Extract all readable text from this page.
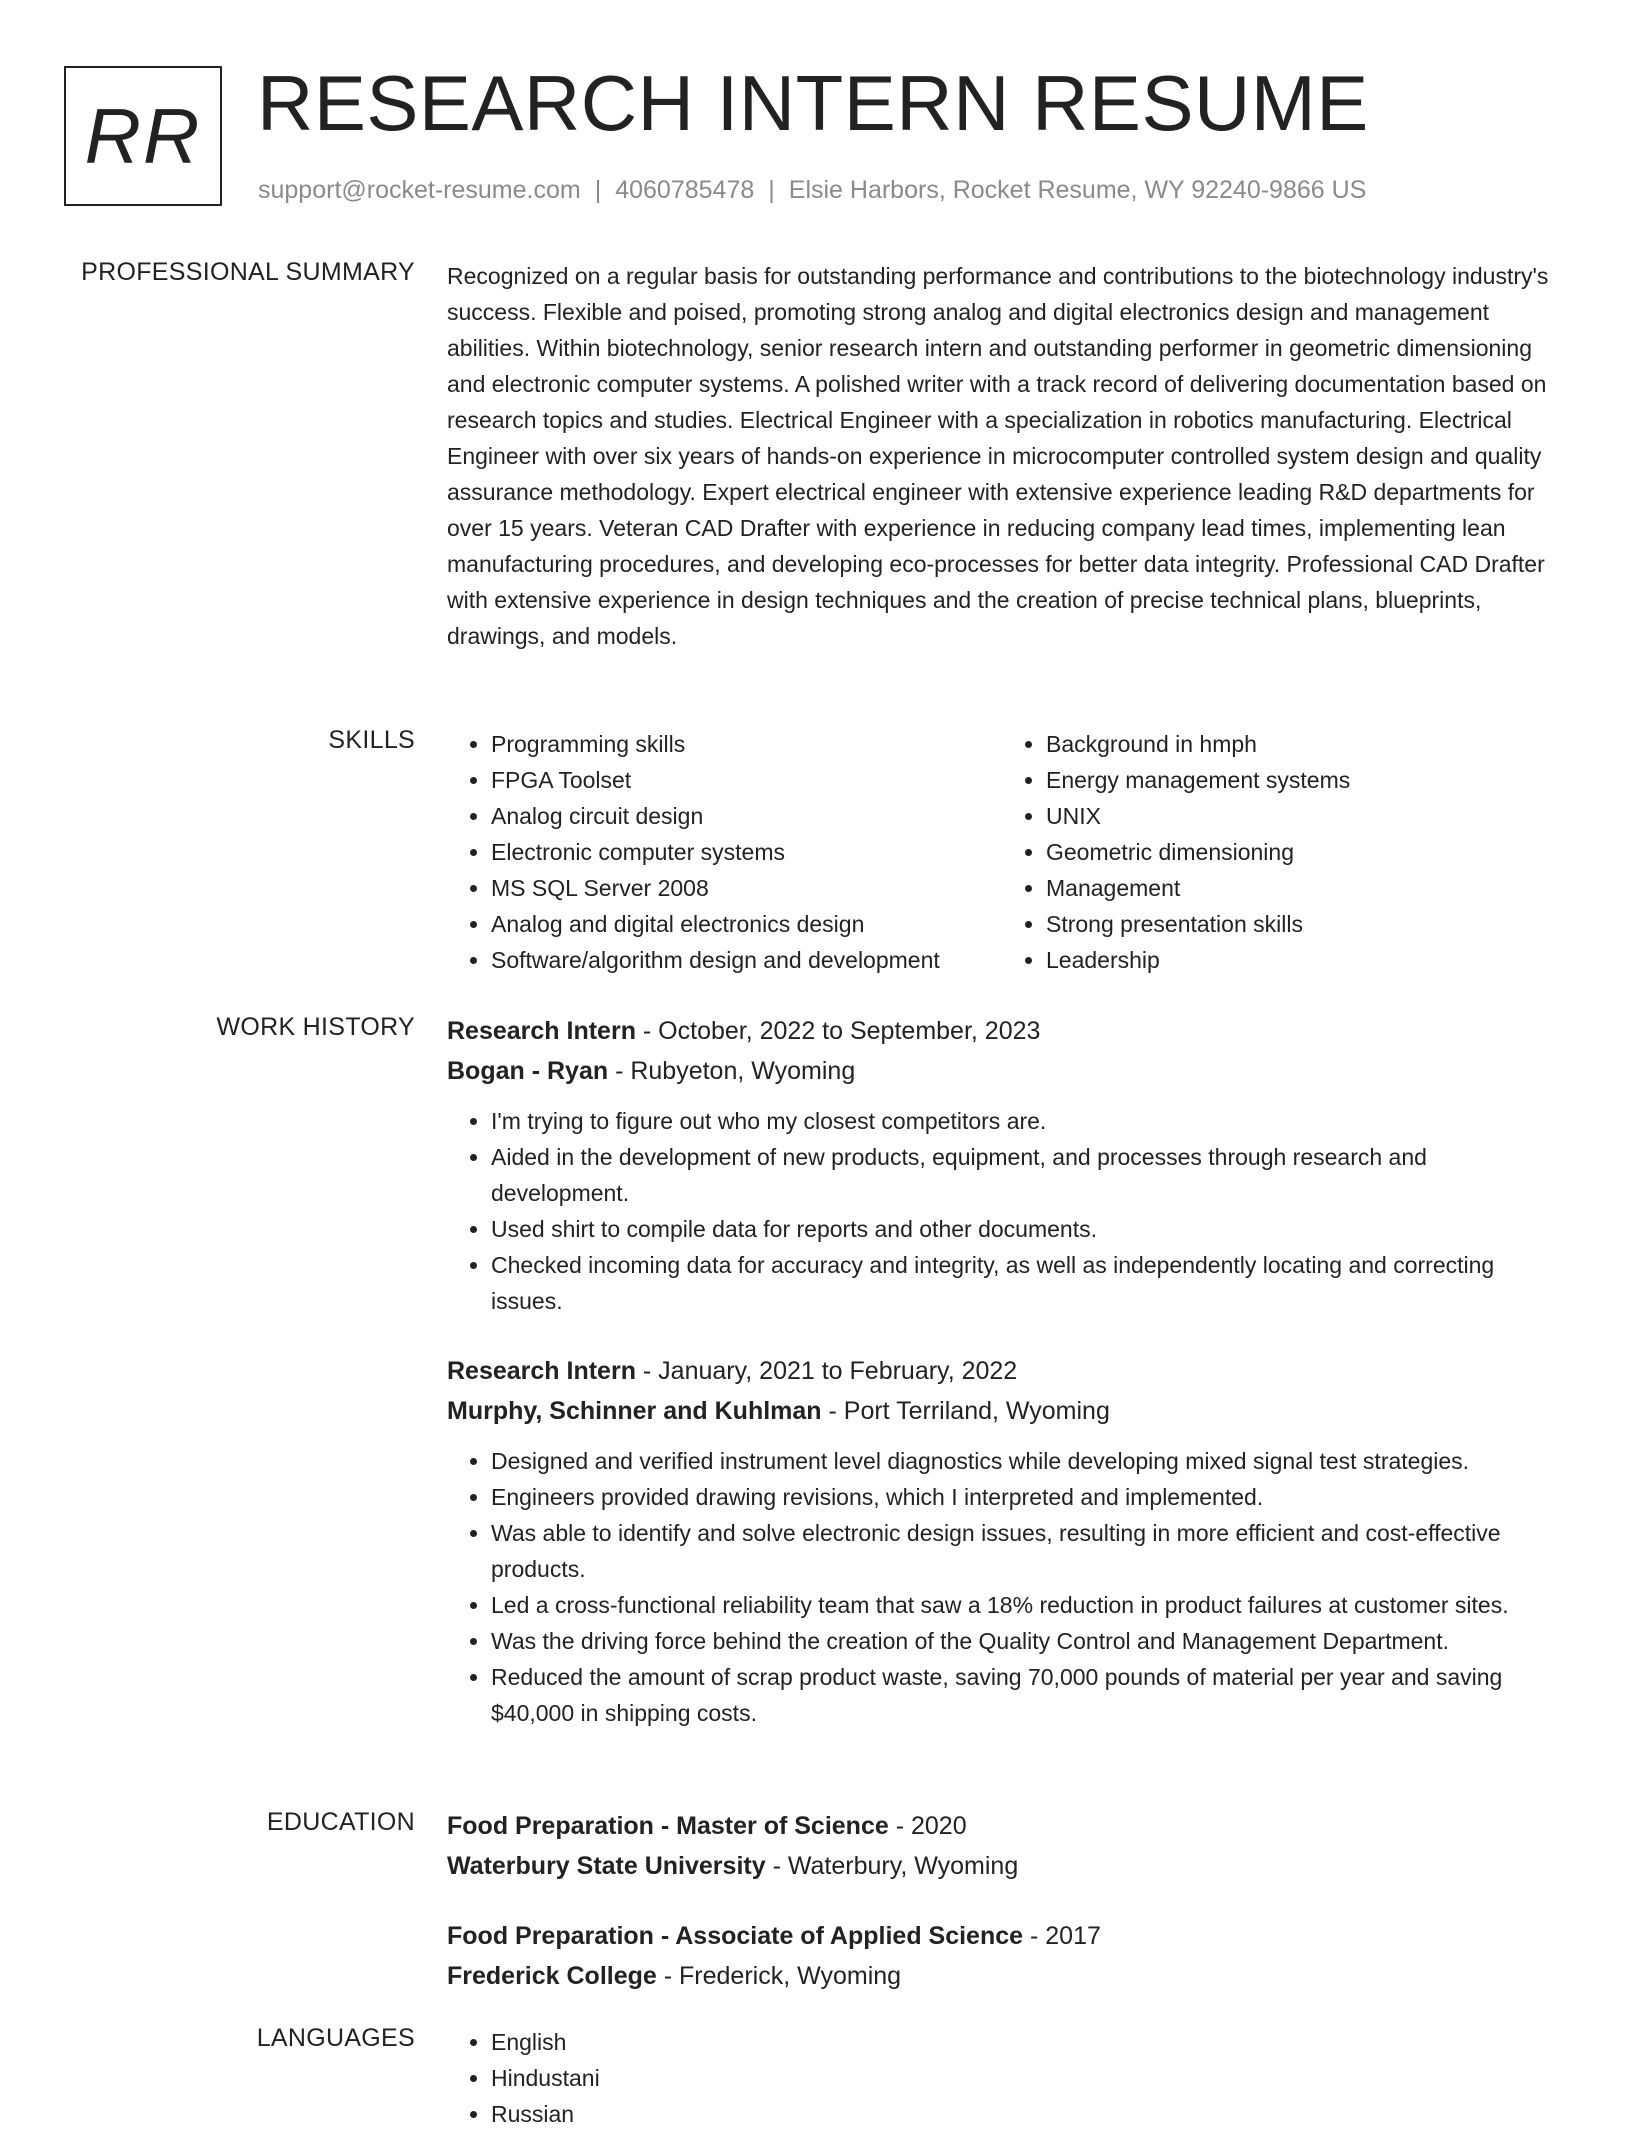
RR RESEARCH INTERN RESUME
support@rocket-resume.com | 4060785478 | Elsie Harbors, Rocket Resume, WY 92240-9866 US
PROFESSIONAL SUMMARY Recognized on a regular basis for outstanding performance and contributions to the biotechnology industry's success. Flexible and poised, promoting strong analog and digital electronics design and management abilities. Within biotechnology, senior research intern and outstanding performer in geometric dimensioning and electronic computer systems. A polished writer with a track record of delivering documentation based on research topics and studies. Electrical Engineer with a specialization in robotics manufacturing. Electrical Engineer with over six years of hands-on experience in microcomputer controlled system design and quality assurance methodology. Expert electrical engineer with extensive experience leading R&D departments for over 15 years. Veteran CAD Drafter with experience in reducing company lead times, implementing lean manufacturing procedures, and developing eco-processes for better data integrity. Professional CAD Drafter with extensive experience in design techniques and the creation of precise technical plans, blueprints, drawings, and models.

SKILLS	• Programming skills
• FPGA Toolset
• Analog circuit design
• Electronic computer systems
• MS SQL Server 2008
• Analog and digital electronics design
• Software/algorithm design and development
• Background in hmph
• Energy management systems
• UNIX
• Geometric dimensioning
• Management
• Strong presentation skills
• Leadership
WORK HISTORY Research Intern - October, 2022 to September, 2023
Bogan - Ryan - Rubyeton, Wyoming
• I'm trying to figure out who my closest competitors are.
• Aided in the development of new products, equipment, and processes through research and development.
• Used shirt to compile data for reports and other documents.
• Checked incoming data for accuracy and integrity, as well as independently locating and correcting issues.
Research Intern - January, 2021 to February, 2022
Murphy, Schinner and Kuhlman - Port Terriland, Wyoming
• Designed and verified instrument level diagnostics while developing mixed signal test strategies.
• Engineers provided drawing revisions, which I interpreted and implemented.
• Was able to identify and solve electronic design issues, resulting in more efficient and cost-effective products.
• Led a cross-functional reliability team that saw a 18% reduction in product failures at customer sites.
• Was the driving force behind the creation of the Quality Control and Management Department.
• Reduced the amount of scrap product waste, saving 70,000 pounds of material per year and saving $40,000 in shipping costs.
EDUCATION Food Preparation - Master of Science - 2020
Waterbury State University - Waterbury, Wyoming
Food Preparation - Associate of Applied Science - 2017
Frederick College - Frederick, Wyoming
LANGUAGES	• English
• Hindustani
• Russian
